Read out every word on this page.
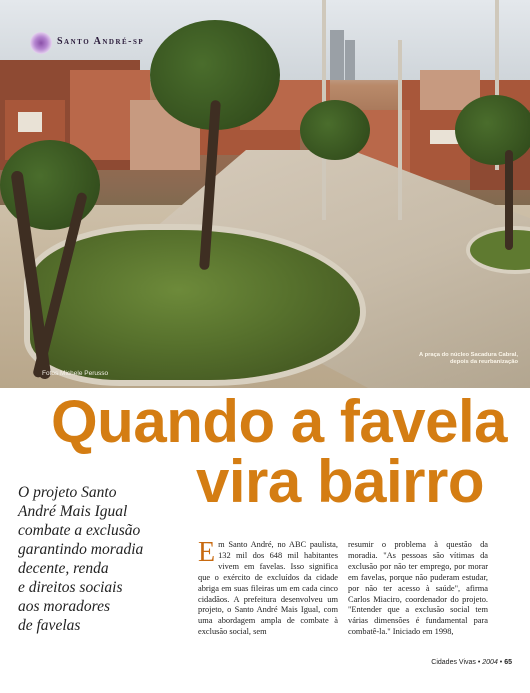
Santo André-sp
Fotos Michele Perusso
A praça do núcleo Sacadura Cabral, depois da reurbanização
Quando a favela
vira bairro
O projeto Santo
André Mais Igual
combate a exclusão
garantindo moradia
decente, renda
e direitos sociais
aos moradores
de favelas
Em Santo André, no ABC paulista, 132 mil dos 648 mil habitantes vivem em favelas. Isso significa que o exército de excluídos da cidade abriga em suas fileiras um em cada cinco cidadãos. A prefeitura desenvolveu um projeto, o Santo André Mais Igual, com uma abordagem ampla de combate à exclusão social, sem
resumir o problema à questão da moradia. "As pessoas são vítimas da exclusão por não ter emprego, por morar em favelas, porque não puderam estudar, por não ter acesso à saúde", afirma Carlos Miaciro, coordenador do projeto. "Entender que a exclusão social tem várias dimensões é fundamental para combatê-la." Iniciado em 1998,
Cidades Vivas • 2004 • 65
